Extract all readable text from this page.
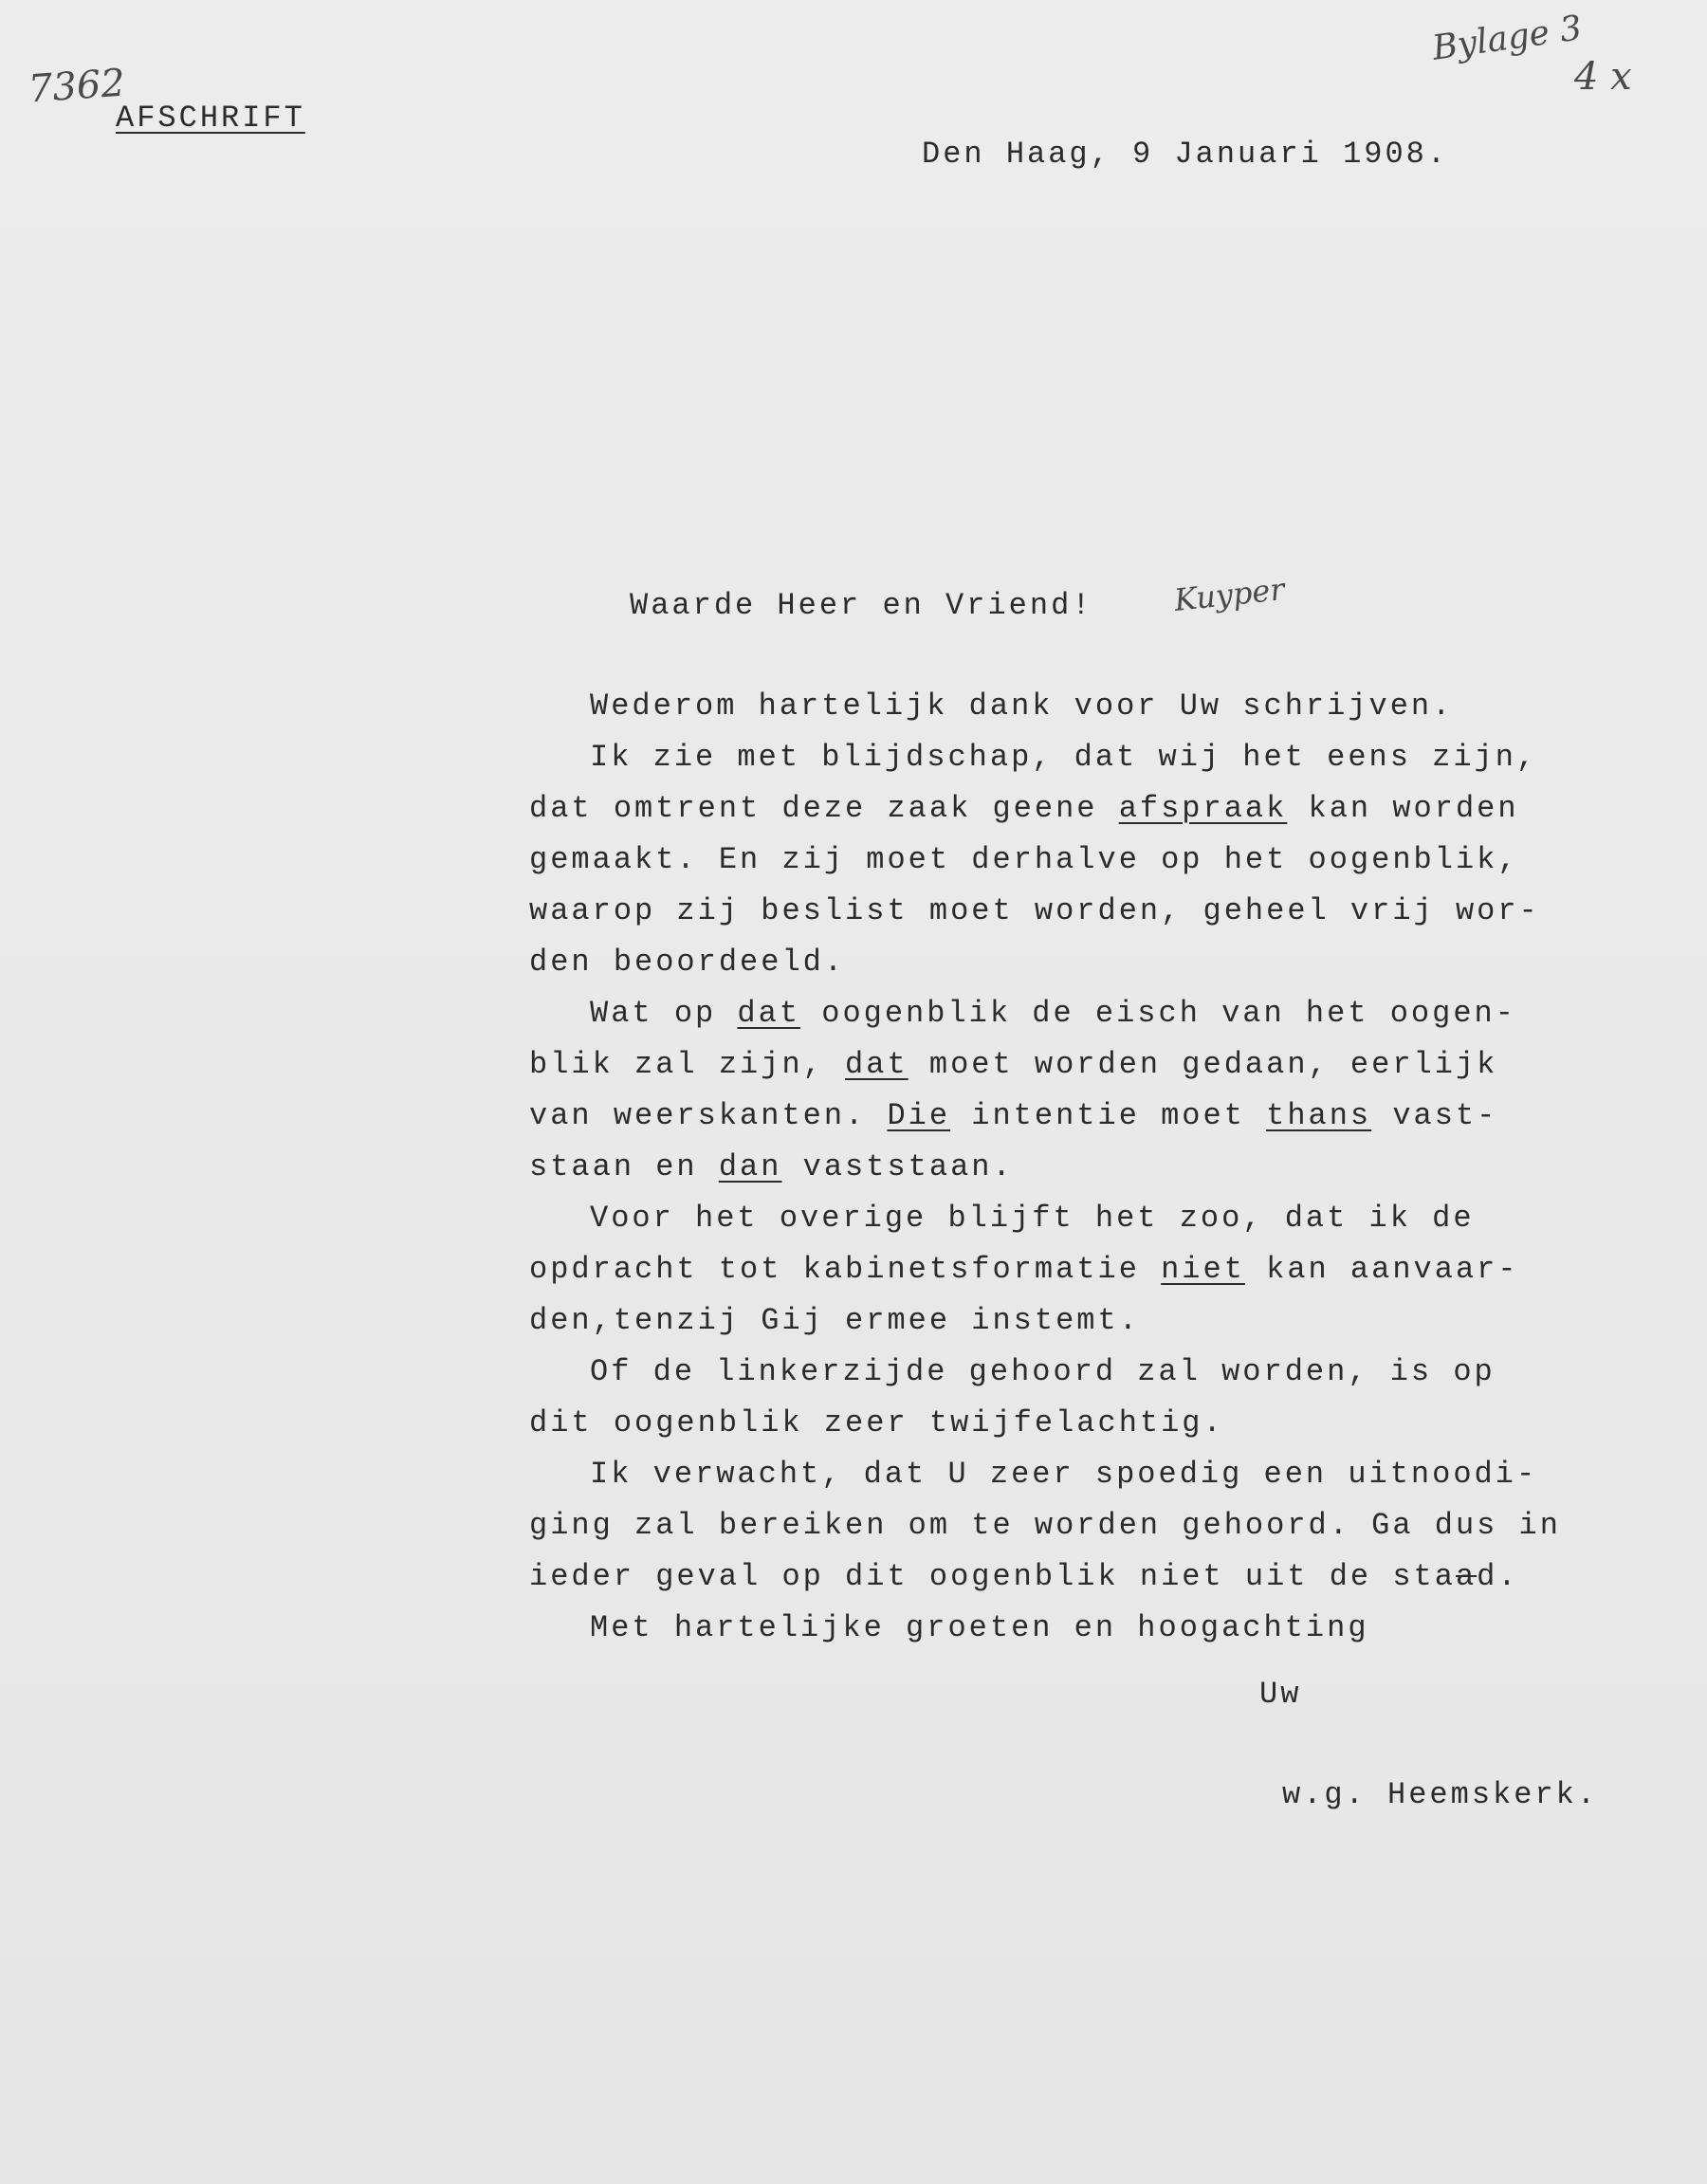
7362
Bylage 3
4 x
Kuyper
AFSCHRIFT
Den Haag, 9 Januari 1908.
Waarde Heer en Vriend!
Wederom hartelijk dank voor Uw schrijven.
Ik zie met blijdschap, dat wij het eens zijn,
dat omtrent deze zaak geene afspraak kan worden
gemaakt. En zij moet derhalve op het oogenblik,
waarop zij beslist moet worden, geheel vrij wor-
den beoordeeld.
Wat op dat oogenblik de eisch van het oogen-
blik zal zijn, dat moet worden gedaan, eerlijk
van weerskanten. Die intentie moet thans vast-
staan en dan vaststaan.
Voor het overige blijft het zoo, dat ik de
opdracht tot kabinetsformatie niet kan aanvaar-
den,tenzij Gij ermee instemt.
Of de linkerzijde gehoord zal worden, is op
dit oogenblik zeer twijfelachtig.
Ik verwacht, dat U zeer spoedig een uitnoodi-
ging zal bereiken om te worden gehoord. Ga dus in
ieder geval op dit oogenblik niet uit de staad.
Met hartelijke groeten en hoogachting
Uw
w.g. Heemskerk.
